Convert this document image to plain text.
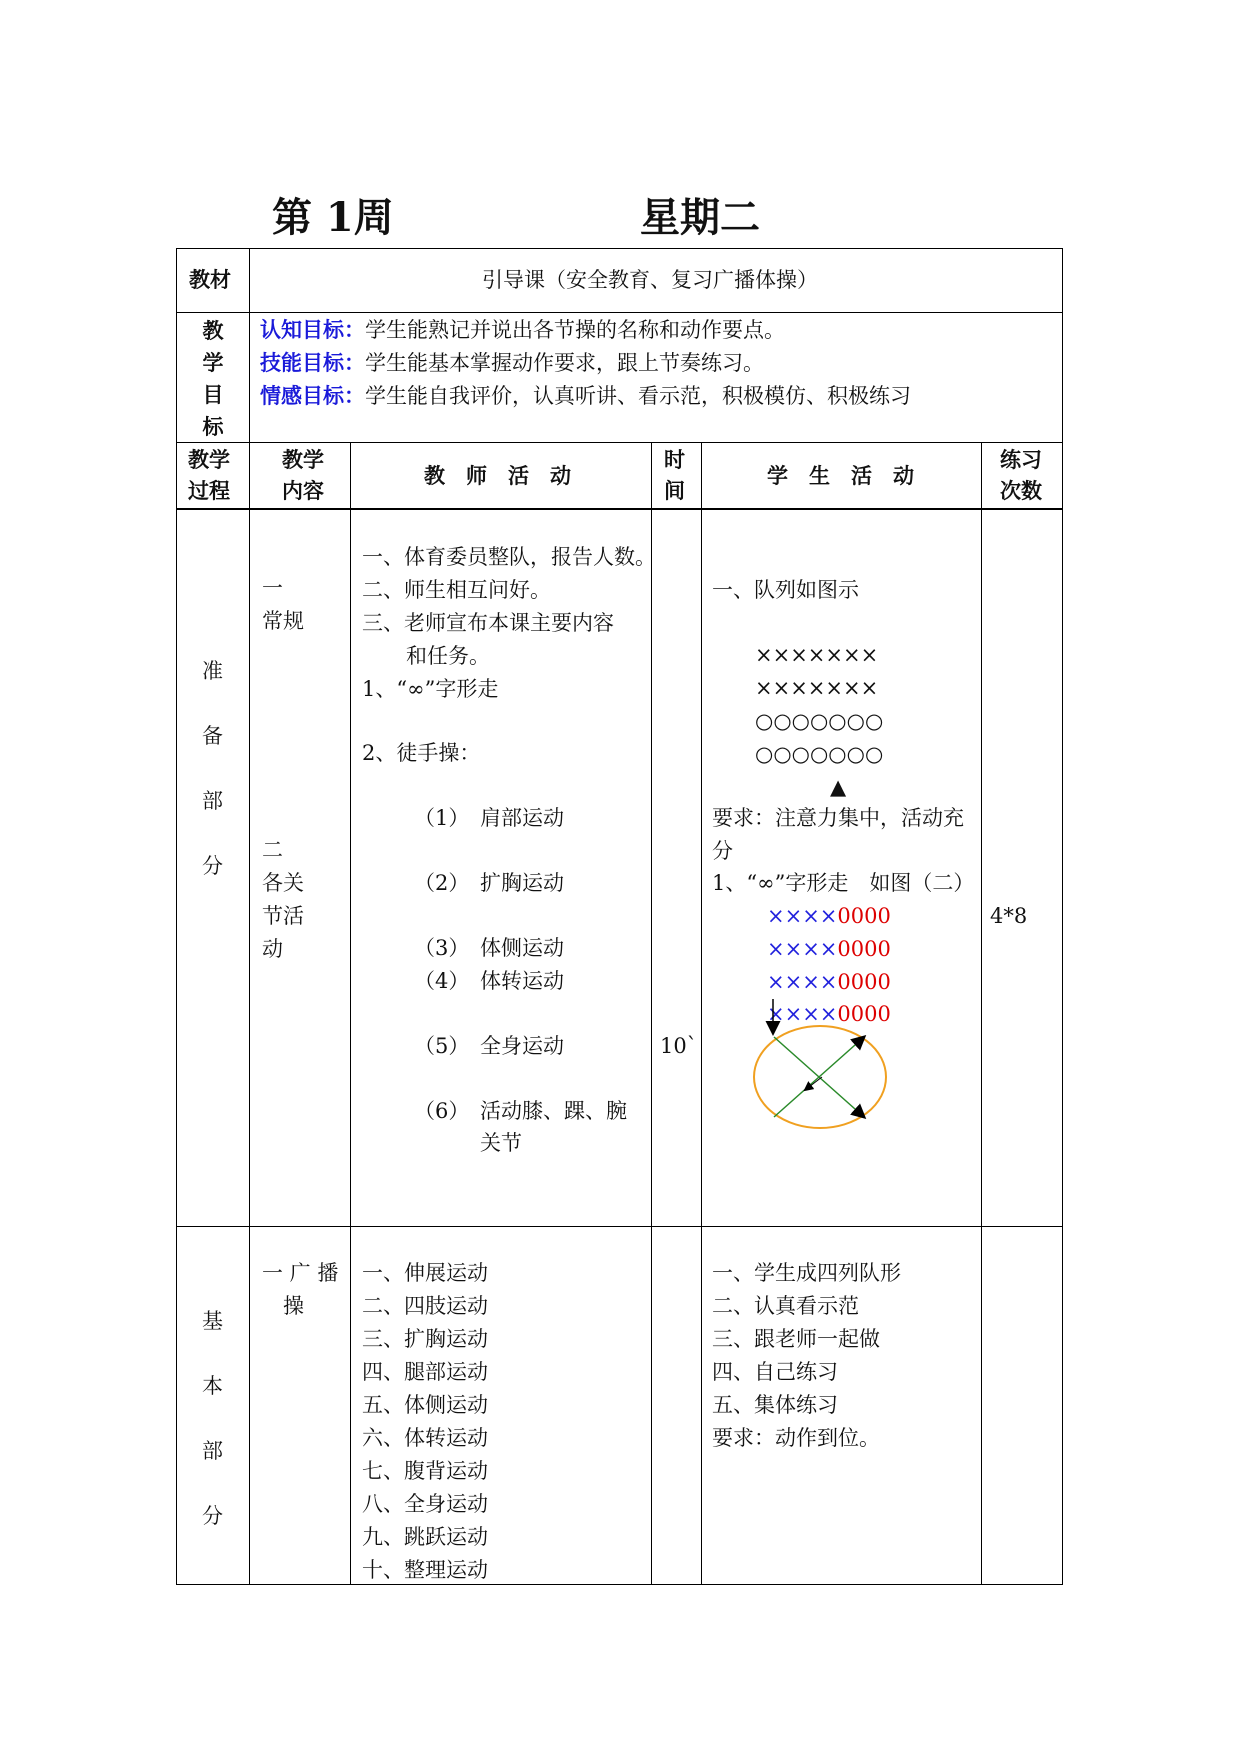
第 1周	星期二
教材	引导课（安全教育、复习广播体操）
教
学
目
标
认知目标：学生能熟记并说出各节操的名称和动作要点。
技能目标：学生能基本掌握动作要求，跟上节奏练习。
情感目标：学生能自我评价，认真听讲、看示范，积极模仿、积极练习
教学
过程
教学
内容
教　师　活　动
时
间
学　生　活　动
练习
次数
准
备
部
分
一
常规
二
各关
节活
动
一、体育委员整队，报告人数。
二、师生相互问好。
三、老师宣布本课主要内容
和任务。
1、“∞”字形走
2、徒手操：
（1） 肩部运动
（2） 扩胸运动
（3） 体侧运动
（4） 体转运动
（5） 全身运动
（6） 活动膝、踝、腕
关节
10`
一、队列如图示
×××××××
×××××××
○○○○○○○
○○○○○○○
▲
要求：注意力集中，活动充
分
1、“∞”字形走　如图（二）
××××0000
××××0000
××××0000
××××0000
4*8
基
本
部
分
一 广 播
操
一、伸展运动
二、四肢运动
三、扩胸运动
四、腿部运动
五、体侧运动
六、体转运动
七、腹背运动
八、全身运动
九、跳跃运动
十、整理运动
一、学生成四列队形
二、认真看示范
三、跟老师一起做
四、自己练习
五、集体练习
要求：动作到位。
